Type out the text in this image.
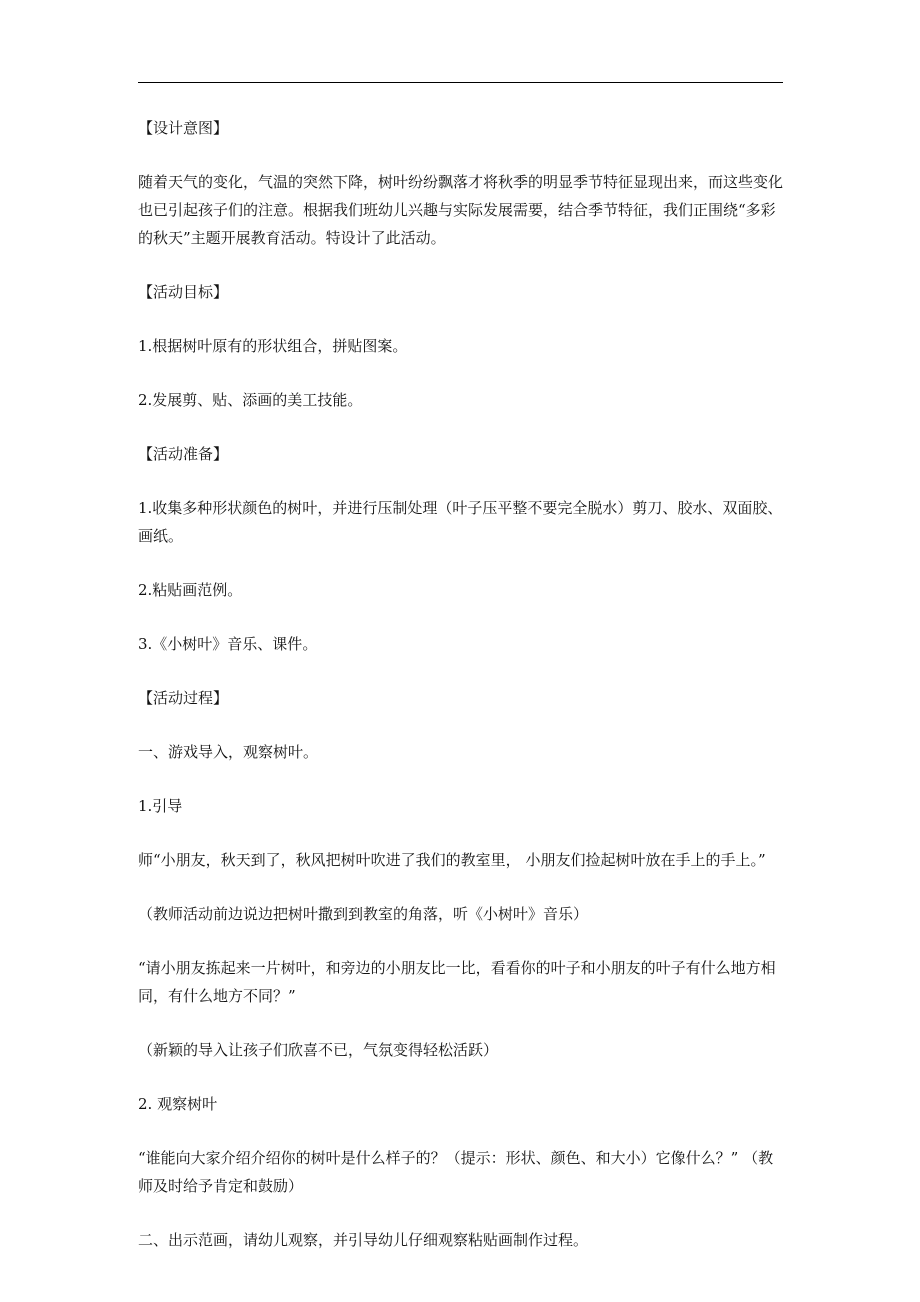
【设计意图】

随着天气的变化，气温的突然下降，树叶纷纷飘落才将秋季的明显季节特征显现出来，而这些变化也已引起孩子们的注意。根据我们班幼儿兴趣与实际发展需要，结合季节特征，我们正围绕“多彩的秋天”主题开展教育活动。特设计了此活动。

【活动目标】

1.根据树叶原有的形状组合，拼贴图案。

2.发展剪、贴、添画的美工技能。

【活动准备】

1.收集多种形状颜色的树叶，并进行压制处理（叶子压平整不要完全脱水）剪刀、胶水、双面胶、画纸。

2.粘贴画范例。

3.《小树叶》音乐、课件。

【活动过程】

一、游戏导入，观察树叶。

1.引导

师“小朋友，秋天到了，秋风把树叶吹进了我们的教室里， 小朋友们捡起树叶放在手上的手上。”

（教师活动前边说边把树叶撒到到教室的角落，听《小树叶》音乐）

“请小朋友拣起来一片树叶，和旁边的小朋友比一比，看看你的叶子和小朋友的叶子有什么地方相同，有什么地方不同？”

（新颖的导入让孩子们欣喜不已，气氛变得轻松活跃）

2. 观察树叶

“谁能向大家介绍介绍你的树叶是什么样子的？（提示：形状、颜色、和大小）它像什么？” （教师及时给予肯定和鼓励）

二、出示范画，请幼儿观察，并引导幼儿仔细观察粘贴画制作过程。
